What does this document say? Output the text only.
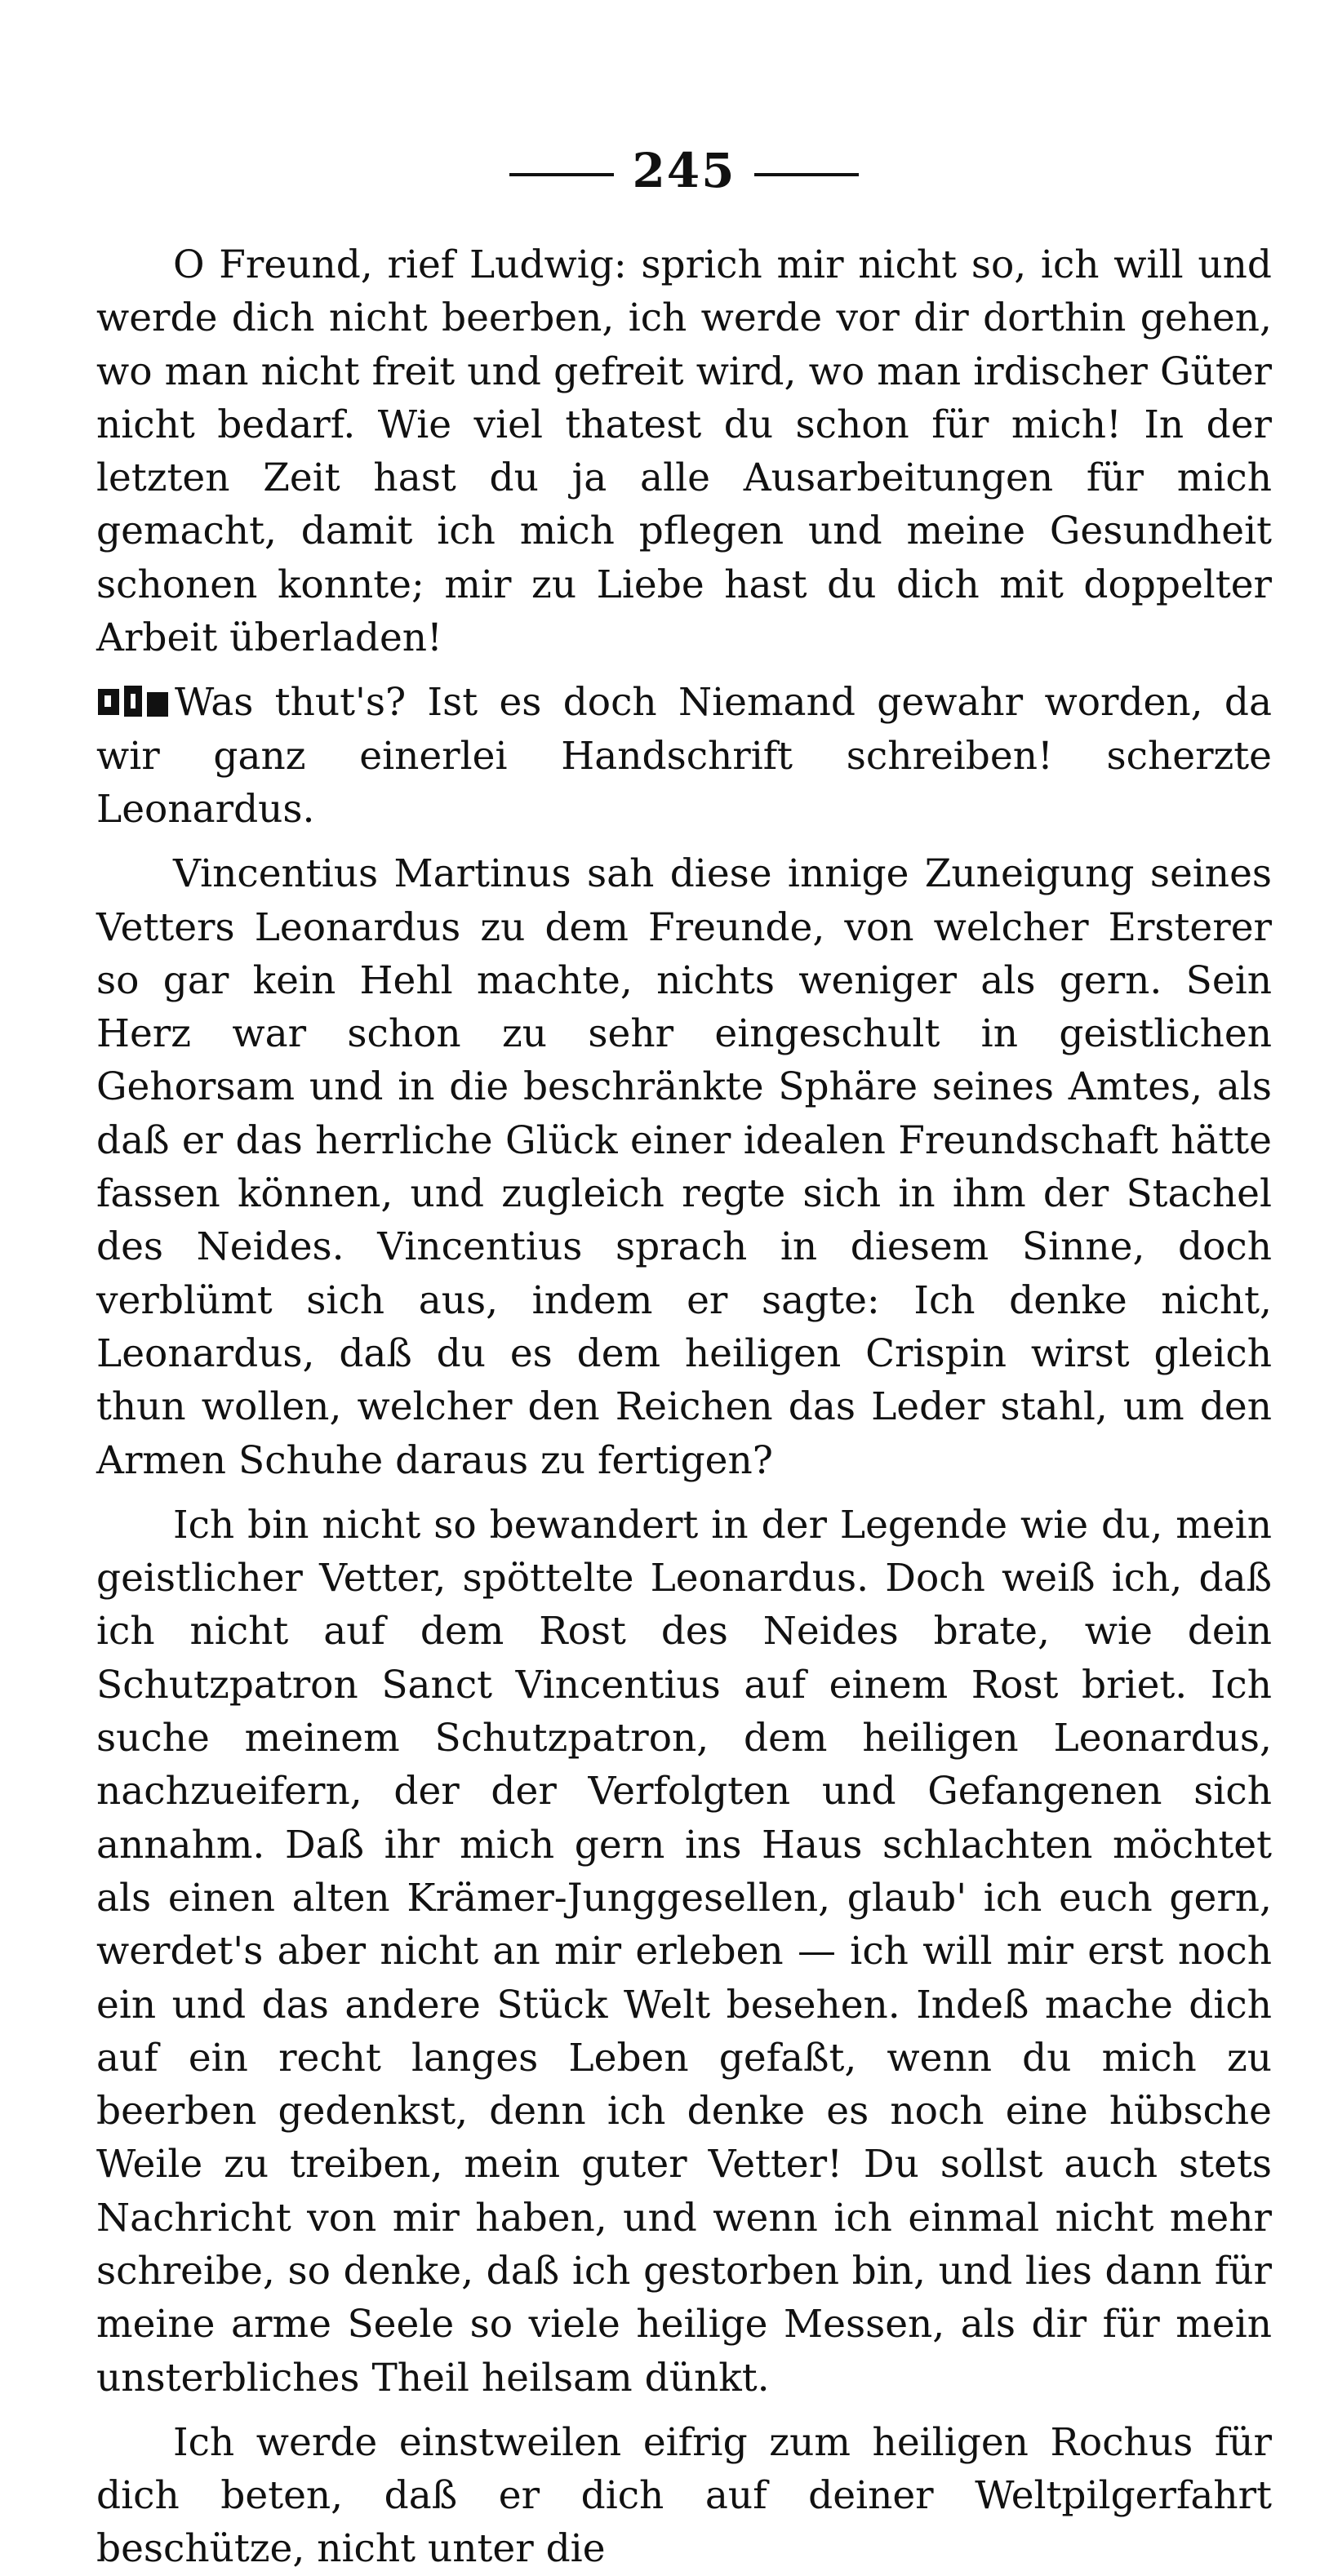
245

O Freund, rief Ludwig: sprich mir nicht so, ich will und werde dich nicht beerben, ich werde vor dir dorthin gehen, wo man nicht freit und gefreit wird, wo man irdischer Güter nicht bedarf. Wie viel thatest du schon für mich! In der letzten Zeit hast du ja alle Ausarbeitungen für mich gemacht, damit ich mich pflegen und meine Gesundheit schonen konnte; mir zu Liebe hast du dich mit doppelter Arbeit überladen!

Was thut's? Ist es doch Niemand gewahr worden, da wir ganz einerlei Handschrift schreiben! scherzte Leonardus.

Vincentius Martinus sah diese innige Zuneigung seines Vetters Leonardus zu dem Freunde, von welcher Ersterer so gar kein Hehl machte, nichts weniger als gern. Sein Herz war schon zu sehr eingeschult in geistlichen Gehorsam und in die beschränkte Sphäre seines Amtes, als daß er das herrliche Glück einer idealen Freundschaft hätte fassen können, und zugleich regte sich in ihm der Stachel des Neides. Vincentius sprach in diesem Sinne, doch verblümt sich aus, indem er sagte: Ich denke nicht, Leonardus, daß du es dem heiligen Crispin wirst gleich thun wollen, welcher den Reichen das Leder stahl, um den Armen Schuhe daraus zu fertigen?

Ich bin nicht so bewandert in der Legende wie du, mein geistlicher Vetter, spöttelte Leonardus. Doch weiß ich, daß ich nicht auf dem Rost des Neides brate, wie dein Schutzpatron Sanct Vincentius auf einem Rost briet. Ich suche meinem Schutzpatron, dem heiligen Leonardus, nachzueifern, der der Verfolgten und Gefangenen sich annahm. Daß ihr mich gern ins Haus schlachten möchtet als einen alten Krämer-Junggesellen, glaub' ich euch gern, werdet's aber nicht an mir erleben — ich will mir erst noch ein und das andere Stück Welt besehen. Indeß mache dich auf ein recht langes Leben gefaßt, wenn du mich zu beerben gedenkst, denn ich denke es noch eine hübsche Weile zu treiben, mein guter Vetter! Du sollst auch stets Nachricht von mir haben, und wenn ich einmal nicht mehr schreibe, so denke, daß ich gestorben bin, und lies dann für meine arme Seele so viele heilige Messen, als dir für mein unsterbliches Theil heilsam dünkt.

Ich werde einstweilen eifrig zum heiligen Rochus für dich beten, daß er dich auf deiner Weltpilgerfahrt beschütze, nicht unter die
